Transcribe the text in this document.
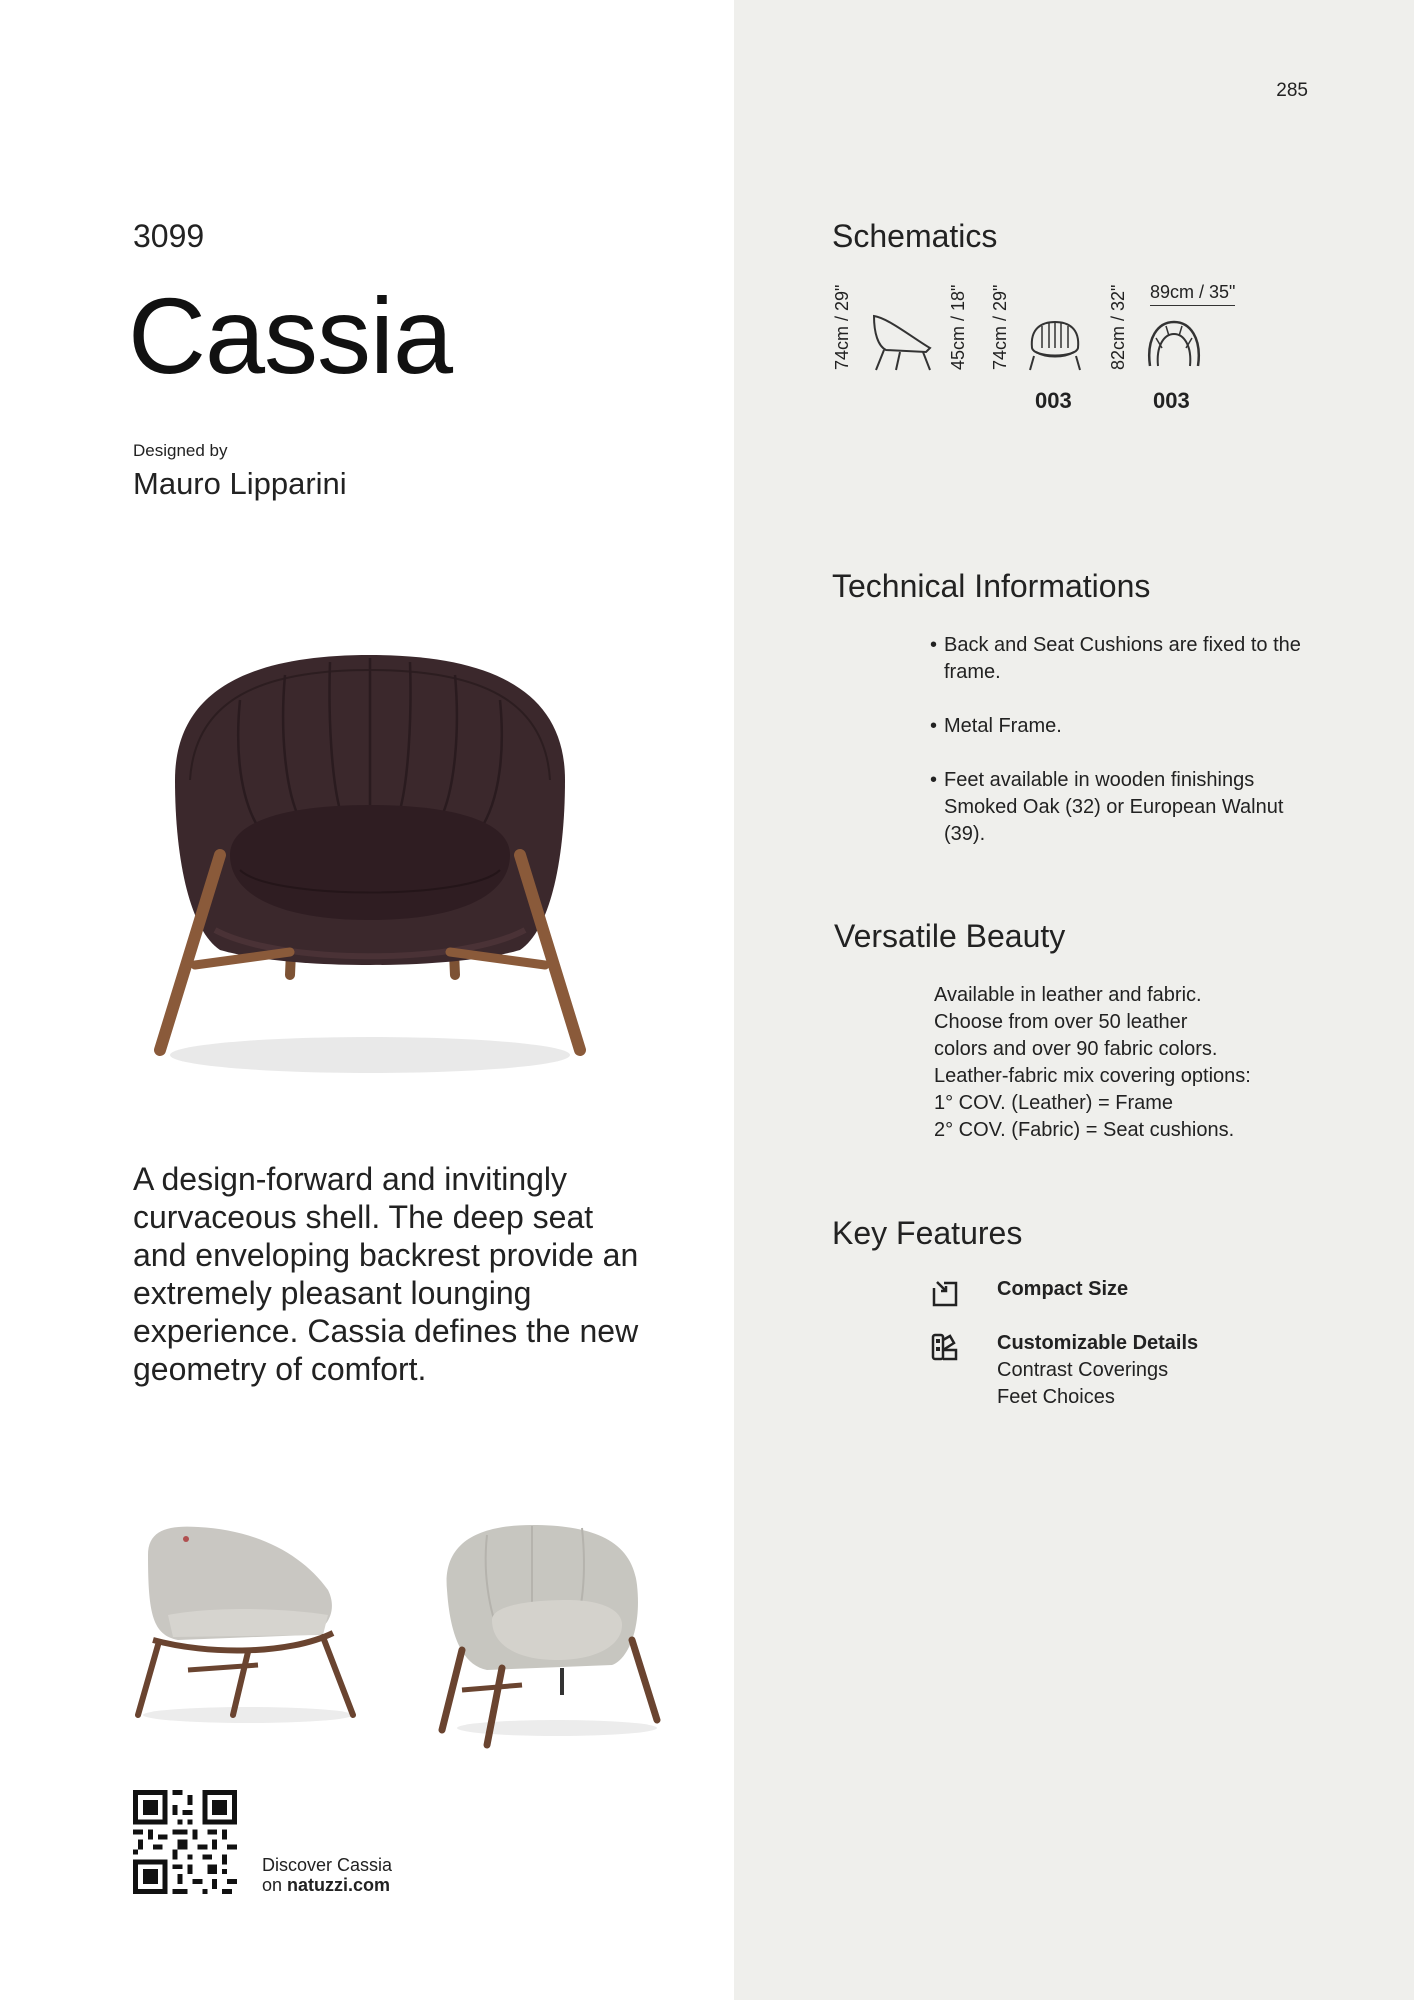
285
3099
Cassia
Designed by
Mauro Lipparini

A design-forward and invitingly curvaceous shell. The deep seat and enveloping backrest provide an extremely pleasant lounging experience. Cassia defines the new geometry of comfort.

Discover Cassia
on natuzzi.com
Schematics
74cm / 29"	45cm / 18" 74cm / 29"
003
82cm / 32" 89cm / 35"
003
Technical Informations
• Back and Seat Cushions are fixed to the frame.
• Metal Frame.
• Feet available in wooden finishings Smoked Oak (32) or European Walnut (39).
Versatile Beauty
Available in leather and fabric.
Choose from over 50 leather
colors and over 90 fabric colors.
Leather-fabric mix covering options:
1° COV. (Leather) = Frame
2° COV. (Fabric) = Seat cushions.
Key Features
Compact Size
Customizable Details
Contrast Coverings
Feet Choices
